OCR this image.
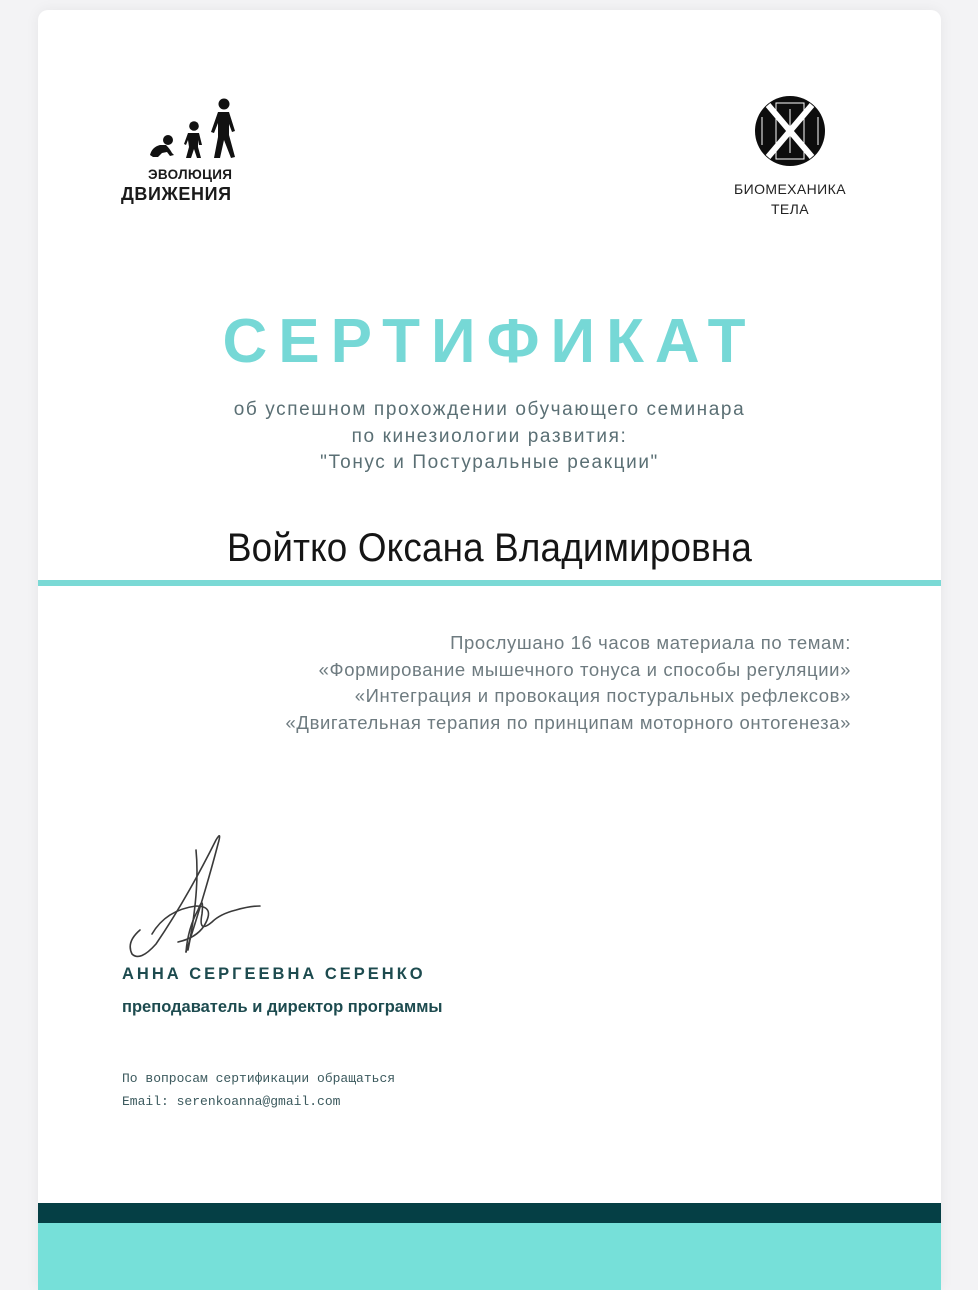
ЭВОЛЮЦИЯ
ДВИЖЕНИЯ	БИОМЕХАНИКА
ТЕЛА
СЕРТИФИКАТ
об успешном прохождении обучающего семинара
по кинезиологии развития:
"Тонус и Постуральные реакции"
Войтко Оксана Владимировна
Прослушано 16 часов материала по темам:
«Формирование мышечного тонуса и способы регуляции»
«Интеграция и провокация постуральных рефлексов»
«Двигательная терапия по принципам моторного онтогенеза»
АННА СЕРГЕЕВНА СЕРЕНКО
преподаватель и директор программы
По вопросам сертификации обращаться
Email: serenkoanna@gmail.com
